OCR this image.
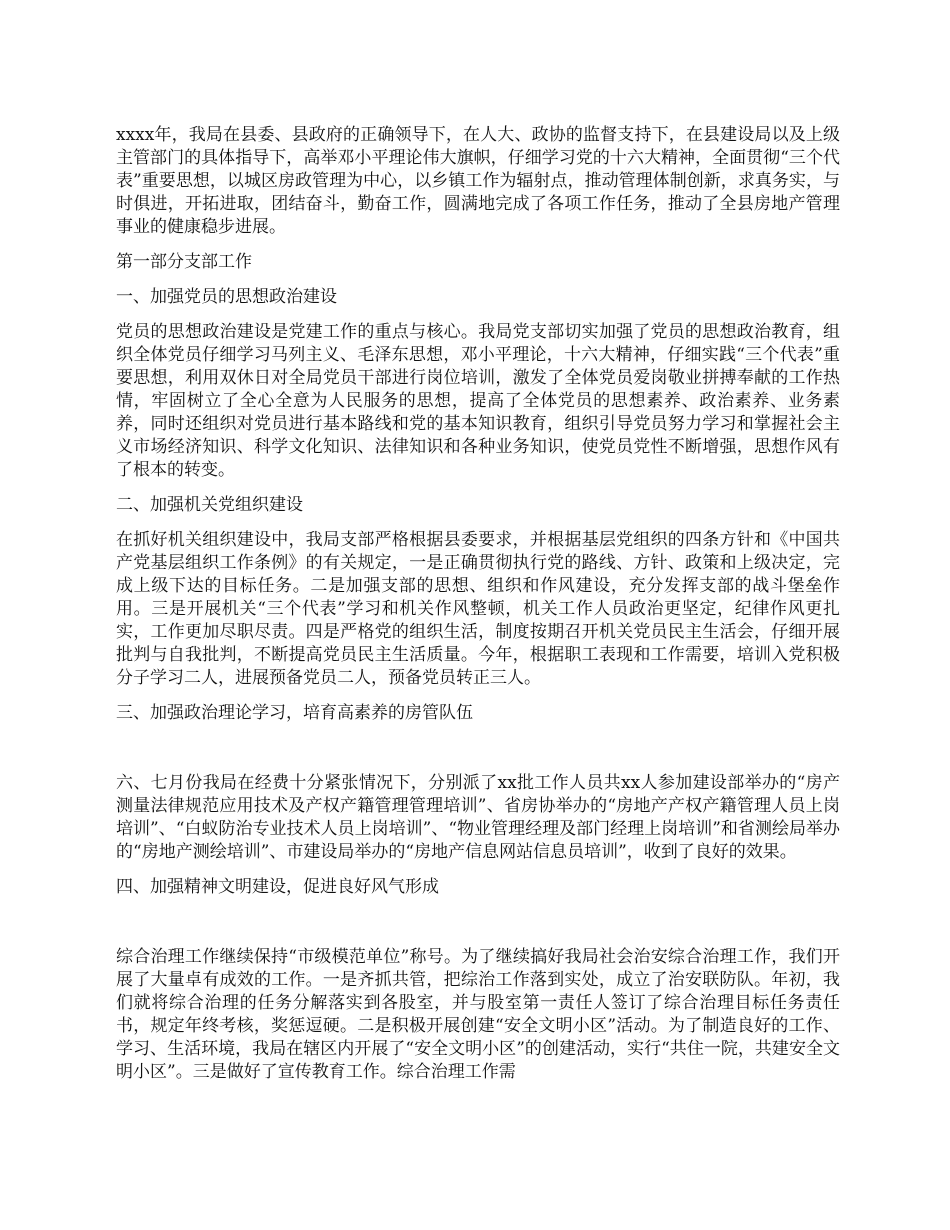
xxxx年，我局在县委、县政府的正确领导下，在人大、政协的监督支持下，在县建设局以及上级主管部门的具体指导下，高举邓小平理论伟大旗帜，仔细学习党的十六大精神，全面贯彻“三个代表”重要思想，以城区房政管理为中心，以乡镇工作为辐射点，推动管理体制创新，求真务实，与时俱进，开拓进取，团结奋斗，勤奋工作，圆满地完成了各项工作任务，推动了全县房地产管理事业的健康稳步进展。

第一部分支部工作

一、加强党员的思想政治建设

党员的思想政治建设是党建工作的重点与核心。我局党支部切实加强了党员的思想政治教育，组织全体党员仔细学习马列主义、毛泽东思想，邓小平理论，十六大精神，仔细实践“三个代表”重要思想，利用双休日对全局党员干部进行岗位培训，激发了全体党员爱岗敬业拼搏奉献的工作热情，牢固树立了全心全意为人民服务的思想，提高了全体党员的思想素养、政治素养、业务素养，同时还组织对党员进行基本路线和党的基本知识教育，组织引导党员努力学习和掌握社会主义市场经济知识、科学文化知识、法律知识和各种业务知识，使党员党性不断增强，思想作风有了根本的转变。

二、加强机关党组织建设

在抓好机关组织建设中，我局支部严格根据县委要求，并根据基层党组织的四条方针和《中国共产党基层组织工作条例》的有关规定，一是正确贯彻执行党的路线、方针、政策和上级决定，完成上级下达的目标任务。二是加强支部的思想、组织和作风建设，充分发挥支部的战斗堡垒作用。三是开展机关“三个代表”学习和机关作风整顿，机关工作人员政治更坚定，纪律作风更扎实，工作更加尽职尽责。四是严格党的组织生活，制度按期召开机关党员民主生活会，仔细开展批判与自我批判，不断提高党员民主生活质量。今年，根据职工表现和工作需要，培训入党积极分子学习二人，进展预备党员二人，预备党员转正三人。

三、加强政治理论学习，培育高素养的房管队伍

六、七月份我局在经费十分紧张情况下，分别派了xx批工作人员共xx人参加建设部举办的“房产测量法律规范应用技术及产权产籍管理管理培训”、省房协举办的“房地产产权产籍管理人员上岗培训”、“白蚁防治专业技术人员上岗培训”、“物业管理经理及部门经理上岗培训”和省测绘局举办的“房地产测绘培训”、市建设局举办的“房地产信息网站信息员培训”，收到了良好的效果。

四、加强精神文明建设，促进良好风气形成

综合治理工作继续保持“市级模范单位”称号。为了继续搞好我局社会治安综合治理工作，我们开展了大量卓有成效的工作。一是齐抓共管，把综治工作落到实处，成立了治安联防队。年初，我们就将综合治理的任务分解落实到各股室，并与股室第一责任人签订了综合治理目标任务责任书，规定年终考核，奖惩逗硬。二是积极开展创建“安全文明小区”活动。为了制造良好的工作、学习、生活环境，我局在辖区内开展了“安全文明小区”的创建活动，实行“共住一院，共建安全文明小区”。三是做好了宣传教育工作。综合治理工作需
